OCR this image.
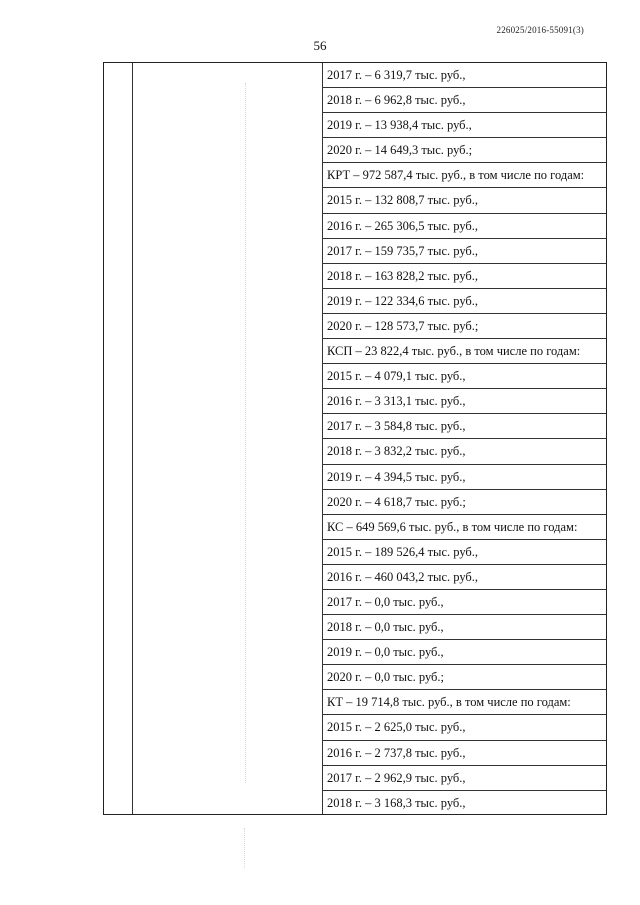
226025/2016-55091(3)
56
2017 г. – 6 319,7 тыс. руб.,
2018 г. – 6 962,8 тыс. руб.,
2019 г. – 13 938,4 тыс. руб.,
2020 г. – 14 649,3 тыс. руб.;
КРТ – 972 587,4 тыс. руб., в том числе по годам:
2015 г. – 132 808,7 тыс. руб.,
2016 г. – 265 306,5 тыс. руб.,
2017 г. – 159 735,7 тыс. руб.,
2018 г. – 163 828,2 тыс. руб.,
2019 г. – 122 334,6 тыс. руб.,
2020 г. – 128 573,7 тыс. руб.;
КСП – 23 822,4 тыс. руб., в том числе по годам:
2015 г. – 4 079,1 тыс. руб.,
2016 г. – 3 313,1 тыс. руб.,
2017 г. – 3 584,8 тыс. руб.,
2018 г. – 3 832,2 тыс. руб.,
2019 г. – 4 394,5 тыс. руб.,
2020 г. – 4 618,7 тыс. руб.;
КС – 649 569,6 тыс. руб., в том числе по годам:
2015 г. – 189 526,4 тыс. руб.,
2016 г. – 460 043,2 тыс. руб.,
2017 г. – 0,0 тыс. руб.,
2018 г. – 0,0 тыс. руб.,
2019 г. – 0,0 тыс. руб.,
2020 г. – 0,0 тыс. руб.;
КТ – 19 714,8 тыс. руб., в том числе по годам:
2015 г. – 2 625,0 тыс. руб.,
2016 г. – 2 737,8 тыс. руб.,
2017 г. – 2 962,9 тыс. руб.,
2018 г. – 3 168,3 тыс. руб.,
